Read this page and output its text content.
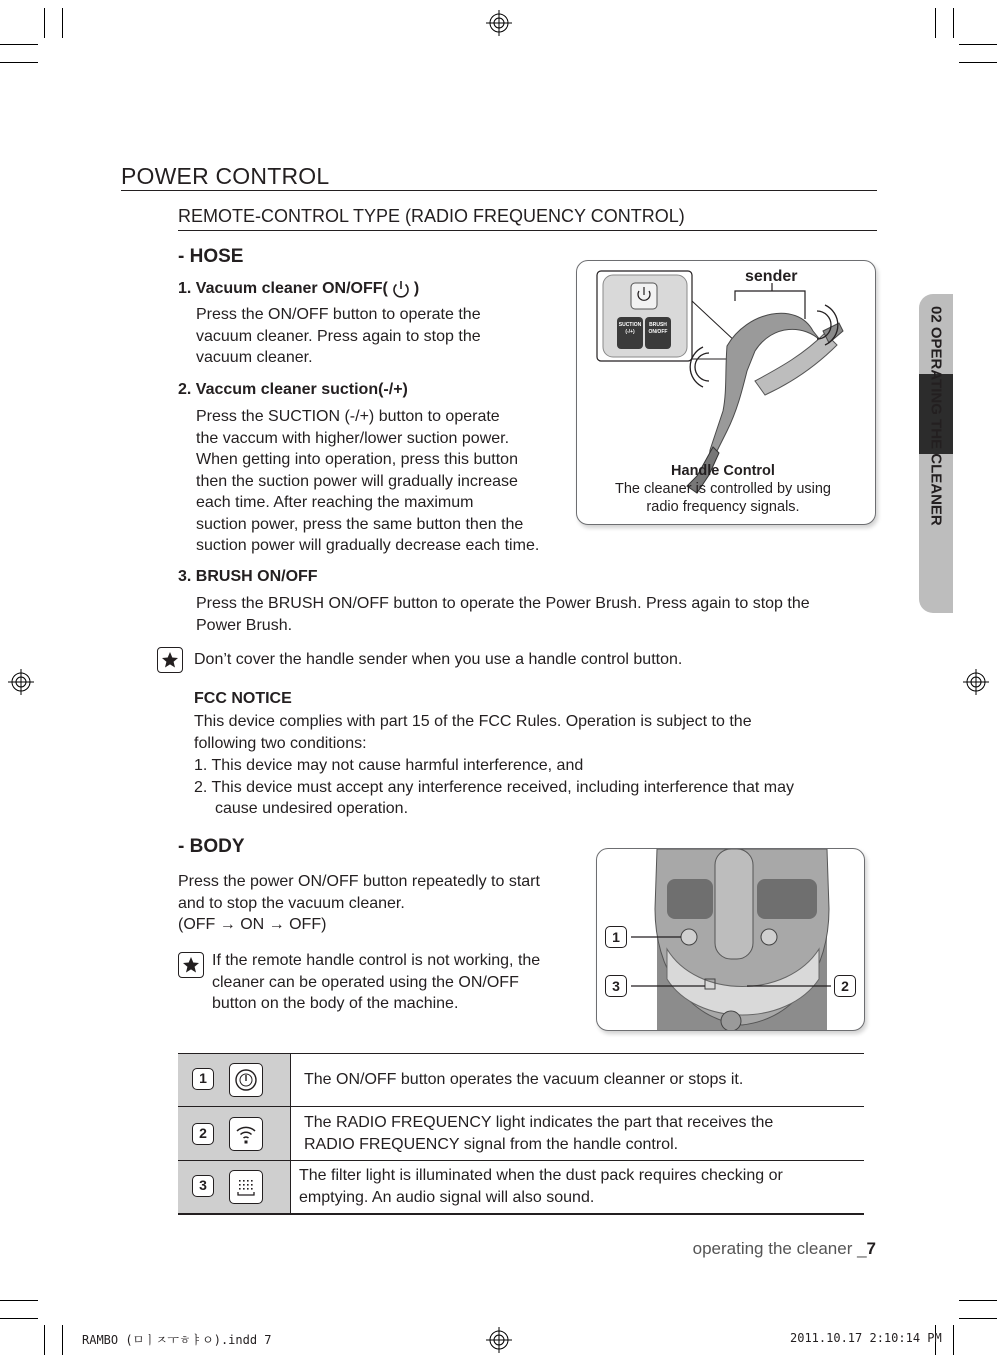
02 OPERATING THE CLEANER
POWER CONTROL
REMOTE-CONTROL TYPE (RADIO FREQUENCY CONTROL)
- HOSE
1. Vacuum cleaner ON/OFF( )
Press the ON/OFF button to operate the
vacuum cleaner. Press again to stop the
vacuum cleaner.
2. Vaccum cleaner suction(-/+)
Press the SUCTION (-/+) button to operate
the vaccum with higher/lower suction power.
When getting into operation, press this button
then the suction power will gradually increase
each time. After reaching the maximum
suction power, press the same button then the
suction power will gradually decrease each time.
3. BRUSH ON/OFF
Press the BRUSH ON/OFF button to operate the Power Brush. Press again to stop the
Power Brush.
sender
SUCTION
(-/+)
BRUSH
ON/OFF
Handle Control
The cleaner is controlled by using
radio frequency signals.
Don’t cover the handle sender when you use a handle control button.
FCC NOTICE
This device complies with part 15 of the FCC Rules. Operation is subject to the
following two conditions:
1. This device may not cause harmful interference, and
2. This device must accept any interference received, including interference that may
cause undesired operation.
- BODY
Press the power ON/OFF button repeatedly to start
and to stop the vacuum cleaner.
(OFF → ON → OFF)
If the remote handle control is not working, the
cleaner can be operated using the ON/OFF
button on the body of the machine.
1
3	2
1	The ON/OFF button operates the vacuum cleanner or stops it.

2	The RADIO FREQUENCY light indicates the part that receives the
RADIO FREQUENCY signal from the handle control.

3	The filter light is illuminated when the dust pack requires checking or
emptying. An audio signal will also sound.
operating the cleaner _7
RAMBO (ㅁㅣㅈㅜㅎㅑㅇ).indd 7	2011.10.17 2:10:14 PM
